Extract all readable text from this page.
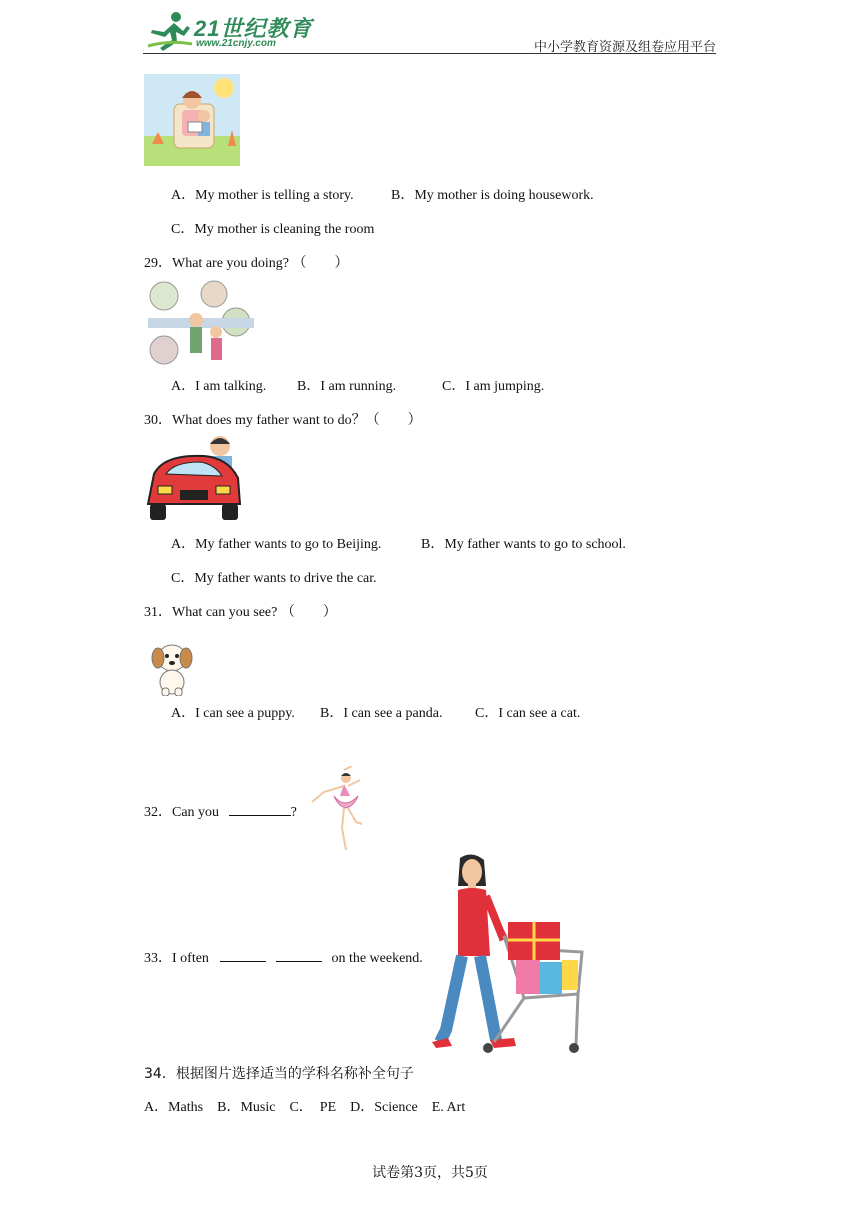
21世纪教育
www.21cnjy.com	中小学教育资源及组卷应用平台
A．My mother is telling a story.	B．My mother is doing housework.
C．My mother is cleaning the room
29．What are you doing? （　　）
A．I am talking. B．I am running.	C．I am jumping.
30．What does my father want to do？（　　）
A．My father wants to go to Beijing.	B．My father wants to go to school.
C．My father wants to drive the car.
31．What can you see? （　　）
A．I can see a puppy. B．I can see a panda. C．I can see a cat.
32．Can you	?
33．I often	on the weekend.
34．根据图片选择适当的学科名称补全句子
A．Maths　B．Music　C．　PE　D．Science　E. Art
试卷第3页，共5页
